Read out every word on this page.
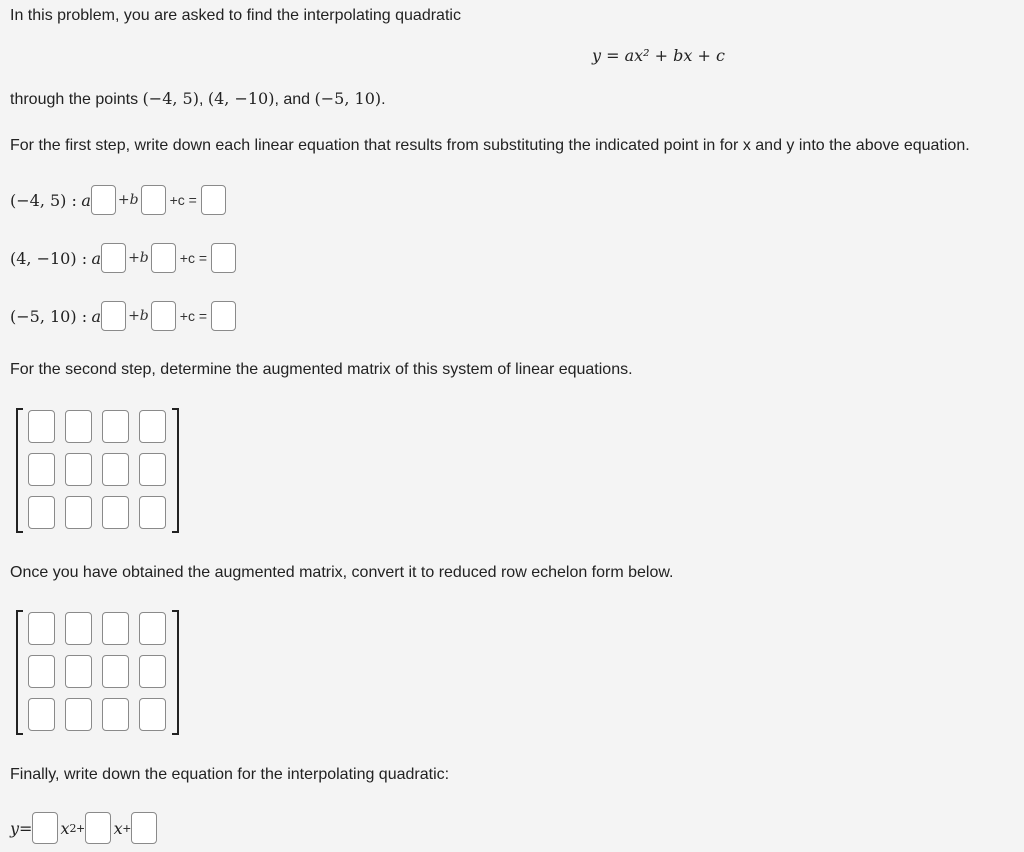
In this problem, you are asked to find the interpolating quadratic
y = ax² + bx + c
through the points (−4, 5), (4, −10), and (−5, 10).
For the first step, write down each linear equation that results from substituting the indicated point in for x and y into the above equation.
(−4, 5) :
a +b +c =
(4, −10) :
a +b +c =
(−5, 10) :
a +b +c =
For the second step, determine the augmented matrix of this system of linear equations.
Once you have obtained the augmented matrix, convert it to reduced row echelon form below.
Finally, write down the equation for the interpolating quadratic:
y= x 2 + x +
